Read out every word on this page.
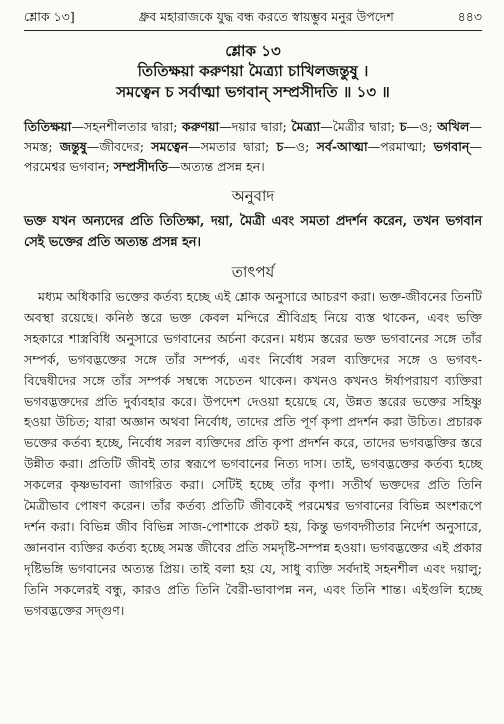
শ্লোক ১৩]	ধ্রুব মহারাজকে যুদ্ধ বন্ধ করতে স্বায়ম্ভুব মনুর উপদেশ	৪৪৩
শ্লোক ১৩
তিতিক্ষয়া করুণয়া মৈত্র্যা চাখিলজন্তুষু ।
সমত্বেন চ সর্বাত্মা ভগবান্ সম্প্রসীদতি ॥ ১৩ ॥

তিতিক্ষয়া—সহনশীলতার দ্বারা; করুণয়া—দয়ার দ্বারা; মৈত্র্যা—মৈত্রীর দ্বারা; চ—ও; অখিল—সমস্ত; জন্তুষু—জীবদের; সমত্বেন—সমতার দ্বারা; চ—ও; সর্ব-আত্মা—পরমাত্মা; ভগবান্—পরমেশ্বর ভগবান; সম্প্রসীদতি—অত্যন্ত প্রসন্ন হন।

অনুবাদ

ভক্ত যখন অন্যদের প্রতি তিতিক্ষা, দয়া, মৈত্রী এবং সমতা প্রদর্শন করেন, তখন ভগবান সেই ভক্তের প্রতি অত্যন্ত প্রসন্ন হন।

তাৎপর্য

মধ্যম অধিকারি ভক্তের কর্তব্য হচ্ছে এই শ্লোক অনুসারে আচরণ করা। ভক্ত-জীবনের তিনটি অবস্থা রয়েছে। কনিষ্ঠ স্তরে ভক্ত কেবল মন্দিরে শ্রীবিগ্রহ নিয়ে ব্যস্ত থাকেন, এবং ভক্তি সহকারে শাস্ত্রবিধি অনুসারে ভগবানের অর্চনা করেন। মধ্যম স্তরের ভক্ত ভগবানের সঙ্গে তাঁর সম্পর্ক, ভগবদ্ভক্তের সঙ্গে তাঁর সম্পর্ক, এবং নির্বোধ সরল ব্যক্তিদের সঙ্গে ও ভগবৎ-বিদ্বেষীদের সঙ্গে তাঁর সম্পর্ক সম্বন্ধে সচেতন থাকেন। কখনও কখনও ঈর্ষাপরায়ণ ব্যক্তিরা ভগবদ্ভক্তদের প্রতি দুর্ব্যবহার করে। উপদেশ দেওয়া হয়েছে যে, উন্নত স্তরের ভক্তের সহিষ্ণু হওয়া উচিত; যারা অজ্ঞান অথবা নির্বোধ, তাদের প্রতি পূর্ণ কৃপা প্রদর্শন করা উচিত। প্রচারক ভক্তের কর্তব্য হচ্ছে, নির্বোধ সরল ব্যক্তিদের প্রতি কৃপা প্রদর্শন করে, তাদের ভগবদ্ভক্তির স্তরে উন্নীত করা। প্রতিটি জীবই তার স্বরূপে ভগবানের নিত্য দাস। তাই, ভগবদ্ভক্তের কর্তব্য হচ্ছে সকলের কৃষ্ণভাবনা জাগরিত করা। সেটিই হচ্ছে তাঁর কৃপা। সতীর্থ ভক্তদের প্রতি তিনি মৈত্রীভাব পোষণ করেন। তাঁর কর্তব্য প্রতিটি জীবকেই পরমেশ্বর ভগবানের বিভিন্ন অংশরূপে দর্শন করা। বিভিন্ন জীব বিভিন্ন সাজ-পোশাকে প্রকট হয়, কিন্তু ভগবদ্গীতার নির্দেশ অনুসারে, জ্ঞানবান ব্যক্তির কর্তব্য হচ্ছে সমস্ত জীবের প্রতি সমদৃষ্টি-সম্পন্ন হওয়া। ভগবদ্ভক্তের এই প্রকার দৃষ্টিভঙ্গি ভগবানের অত্যন্ত প্রিয়। তাই বলা হয় যে, সাধু ব্যক্তি সর্বদাই সহনশীল এবং দয়ালু; তিনি সকলেরই বন্ধু, কারও প্রতি তিনি বৈরী-ভাবাপন্ন নন, এবং তিনি শান্ত। এইগুলি হচ্ছে ভগবদ্ভক্তের সদ্গুণ।
